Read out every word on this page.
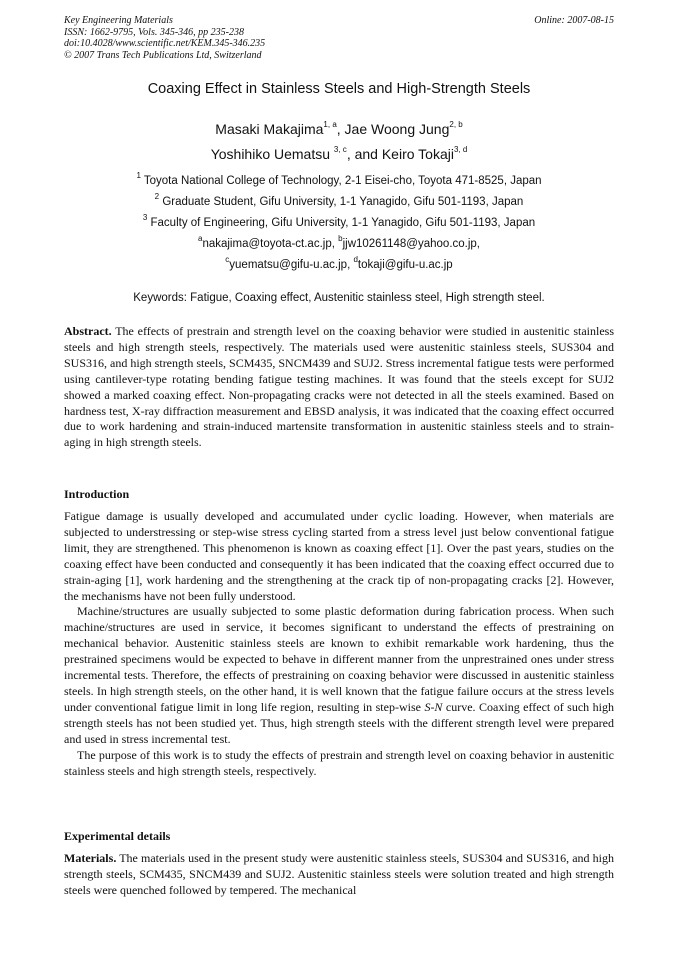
Key Engineering Materials
ISSN: 1662-9795, Vols. 345-346, pp 235-238
doi:10.4028/www.scientific.net/KEM.345-346.235
© 2007 Trans Tech Publications Ltd, Switzerland
Online: 2007-08-15
Coaxing Effect in Stainless Steels and High-Strength Steels
Masaki Makajima$^{1, a}$, Jae Woong Jung$^{2, b}$
Yoshihiko Uematsu $^{3, c}$, and Keiro Tokaji$^{3, d}$
$^1$ Toyota National College of Technology, 2-1 Eisei-cho, Toyota 471-8525, Japan
$^2$ Graduate Student, Gifu University, 1-1 Yanagido, Gifu 501-1193, Japan
$^3$ Faculty of Engineering, Gifu University, 1-1 Yanagido, Gifu 501-1193, Japan
$^a$nakajima@toyota-ct.ac.jp, $^b$jjw10261148@yahoo.co.jp,
$^c$yuematsu@gifu-u.ac.jp, $^d$tokaji@gifu-u.ac.jp
Keywords: Fatigue, Coaxing effect, Austenitic stainless steel, High strength steel.

Abstract. The effects of prestrain and strength level on the coaxing behavior were studied in austenitic stainless steels and high strength steels, respectively. The materials used were austenitic stainless steels, SUS304 and SUS316, and high strength steels, SCM435, SNCM439 and SUJ2. Stress incremental fatigue tests were performed using cantilever-type rotating bending fatigue testing machines. It was found that the steels except for SUJ2 showed a marked coaxing effect. Non-propagating cracks were not detected in all the steels examined. Based on hardness test, X-ray diffraction measurement and EBSD analysis, it was indicated that the coaxing effect occurred due to work hardening and strain-induced martensite transformation in austenitic stainless steels and to strain-aging in high strength steels.

Introduction

Fatigue damage is usually developed and accumulated under cyclic loading. However, when materials are subjected to understressing or step-wise stress cycling started from a stress level just below conventional fatigue limit, they are strengthened. This phenomenon is known as coaxing effect [1]. Over the past years, studies on the coaxing effect have been conducted and consequently it has been indicated that the coaxing effect occurred due to strain-aging [1], work hardening and the strengthening at the crack tip of non-propagating cracks [2]. However, the mechanisms have not been fully understood.

Machine/structures are usually subjected to some plastic deformation during fabrication process. When such machine/structures are used in service, it becomes significant to understand the effects of prestraining on mechanical behavior. Austenitic stainless steels are known to exhibit remarkable work hardening, thus the prestrained specimens would be expected to behave in different manner from the unprestrained ones under stress incremental tests. Therefore, the effects of prestraining on coaxing behavior were discussed in austenitic stainless steels. In high strength steels, on the other hand, it is well known that the fatigue failure occurs at the stress levels under conventional fatigue limit in long life region, resulting in step-wise S-N curve. Coaxing effect of such high strength steels has not been studied yet. Thus, high strength steels with the different strength level were prepared and used in stress incremental test.

The purpose of this work is to study the effects of prestrain and strength level on coaxing behavior in austenitic stainless steels and high strength steels, respectively.

Experimental details

Materials. The materials used in the present study were austenitic stainless steels, SUS304 and SUS316, and high strength steels, SCM435, SNCM439 and SUJ2. Austenitic stainless steels were solution treated and high strength steels were quenched followed by tempered. The mechanical
